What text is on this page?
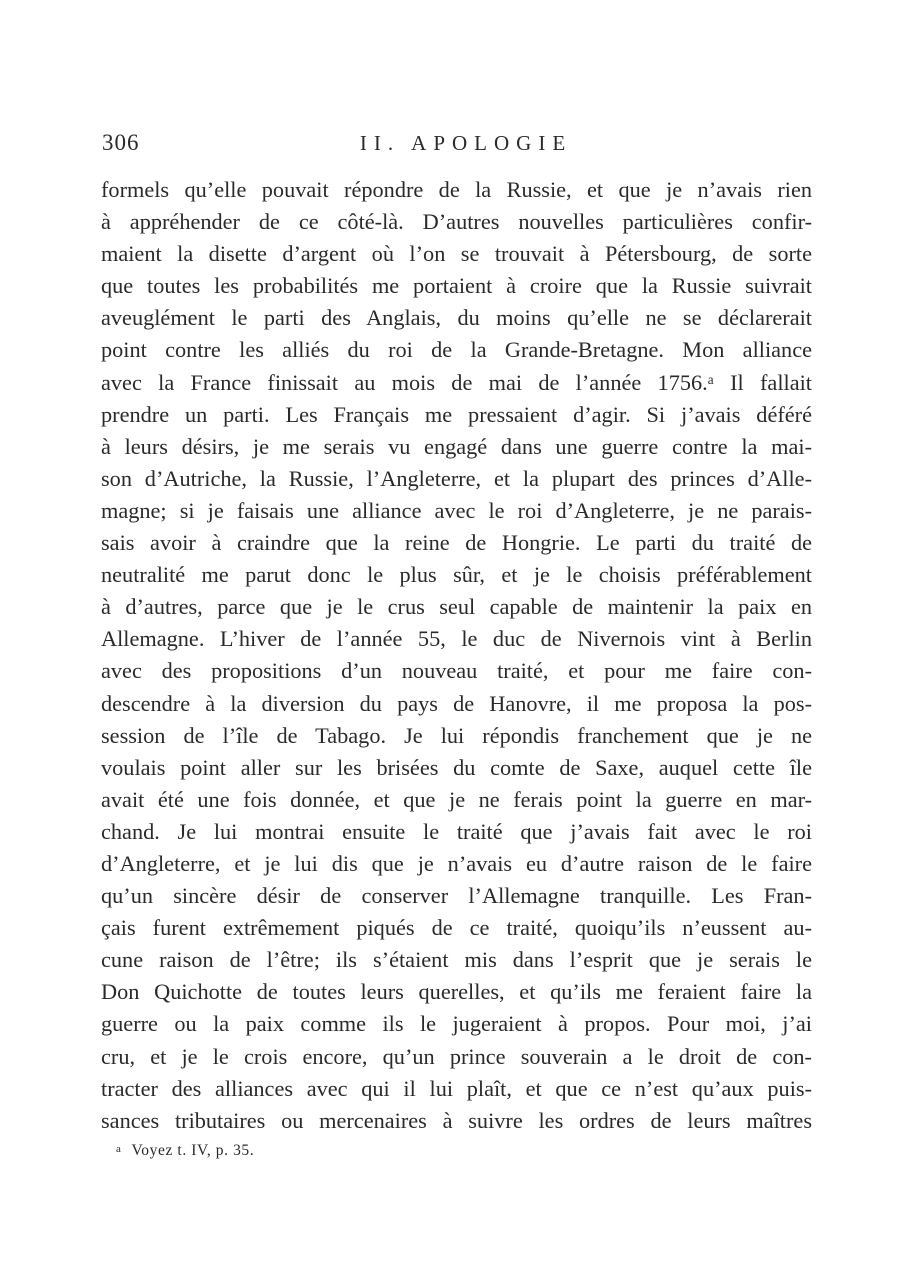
306	II. APOLOGIE
formels qu’elle pouvait répondre de la Russie, et que je n’avais rien
à appréhender de ce côté-là. D’autres nouvelles particulières confir-
maient la disette d’argent où l’on se trouvait à Pétersbourg, de sorte
que toutes les probabilités me portaient à croire que la Russie suivrait
aveuglément le parti des Anglais, du moins qu’elle ne se déclarerait
point contre les alliés du roi de la Grande-Bretagne. Mon alliance
avec la France finissait au mois de mai de l’année 1756.ᵃ Il fallait
prendre un parti. Les Français me pressaient d’agir. Si j’avais déféré
à leurs désirs, je me serais vu engagé dans une guerre contre la mai-
son d’Autriche, la Russie, l’Angleterre, et la plupart des princes d’Alle-
magne; si je faisais une alliance avec le roi d’Angleterre, je ne parais-
sais avoir à craindre que la reine de Hongrie. Le parti du traité de
neutralité me parut donc le plus sûr, et je le choisis préférablement
à d’autres, parce que je le crus seul capable de maintenir la paix en
Allemagne. L’hiver de l’année 55, le duc de Nivernois vint à Berlin
avec des propositions d’un nouveau traité, et pour me faire con-
descendre à la diversion du pays de Hanovre, il me proposa la pos-
session de l’île de Tabago. Je lui répondis franchement que je ne
voulais point aller sur les brisées du comte de Saxe, auquel cette île
avait été une fois donnée, et que je ne ferais point la guerre en mar-
chand. Je lui montrai ensuite le traité que j’avais fait avec le roi
d’Angleterre, et je lui dis que je n’avais eu d’autre raison de le faire
qu’un sincère désir de conserver l’Allemagne tranquille. Les Fran-
çais furent extrêmement piqués de ce traité, quoiqu’ils n’eussent au-
cune raison de l’être; ils s’étaient mis dans l’esprit que je serais le
Don Quichotte de toutes leurs querelles, et qu’ils me feraient faire la
guerre ou la paix comme ils le jugeraient à propos. Pour moi, j’ai
cru, et je le crois encore, qu’un prince souverain a le droit de con-
tracter des alliances avec qui il lui plaît, et que ce n’est qu’aux puis-
sances tributaires ou mercenaires à suivre les ordres de leurs maîtres
a Voyez t. IV, p. 35.
